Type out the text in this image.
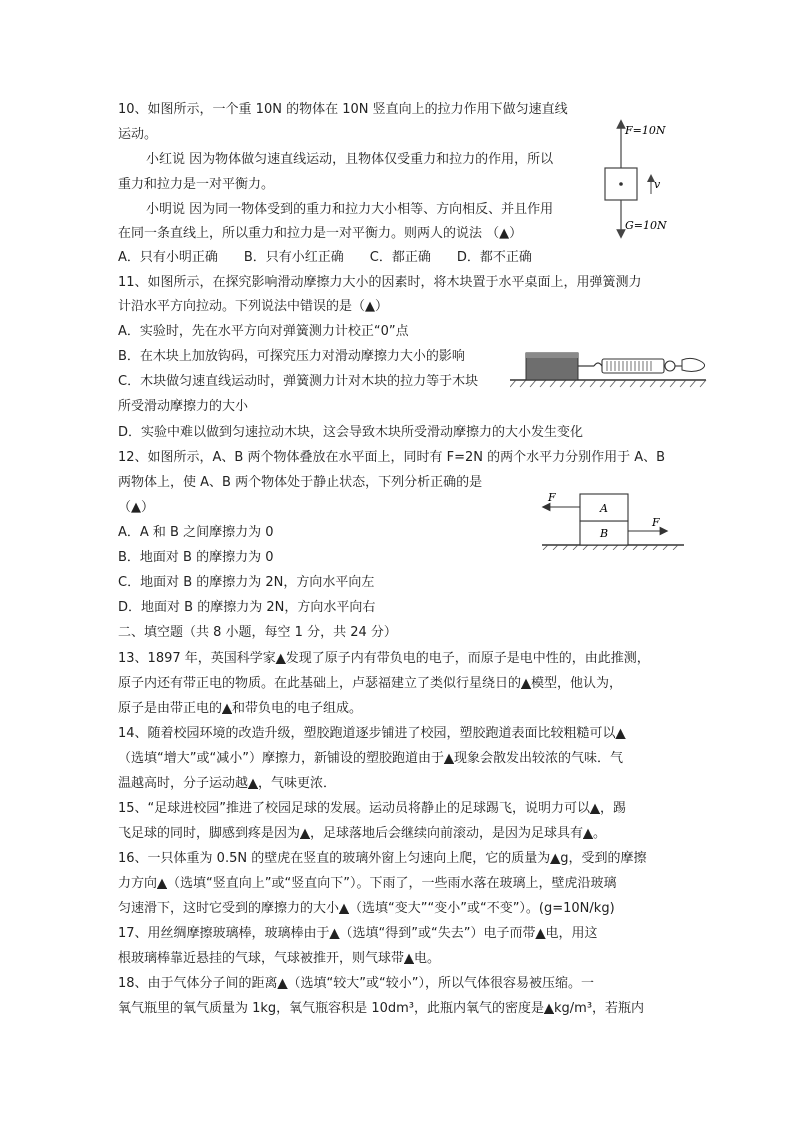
10、如图所示，一个重 10N 的物体在 10N 竖直向上的拉力作用下做匀速直线
运动。
小红说 因为物体做匀速直线运动，且物体仅受重力和拉力的作用，所以
重力和拉力是一对平衡力。
小明说 因为同一物体受到的重力和拉力大小相等、方向相反、并且作用
在同一条直线上，所以重力和拉力是一对平衡力。则两人的说法 （▲）
A．只有小明正确　　B．只有小红正确　　C．都正确　　D．都不正确
F=10N
v
G=10N
11、如图所示，在探究影响滑动摩擦力大小的因素时，将木块置于水平桌面上，用弹簧测力
计沿水平方向拉动。下列说法中错误的是（▲）
A．实验时，先在水平方向对弹簧测力计校正“0”点
B．在木块上加放钩码，可探究压力对滑动摩擦力大小的影响
C．木块做匀速直线运动时，弹簧测力计对木块的拉力等于木块
所受滑动摩擦力的大小
D．实验中难以做到匀速拉动木块，这会导致木块所受滑动摩擦力的大小发生变化
12、如图所示，A、B 两个物体叠放在水平面上，同时有 F=2N 的两个水平力分别作用于 A、B
两物体上，使 A、B 两个物体处于静止状态，下列分析正确的是
（▲）
A．A 和 B 之间摩擦力为 0
B．地面对 B 的摩擦力为 0
C．地面对 B 的摩擦力为 2N，方向水平向左
D．地面对 B 的摩擦力为 2N，方向水平向右
F
F
A
B
二、填空题（共 8 小题，每空 1 分，共 24 分）
13、1897 年，英国科学家▲发现了原子内有带负电的电子，而原子是电中性的，由此推测，
原子内还有带正电的物质。在此基础上，卢瑟福建立了类似行星绕日的▲模型，他认为，
原子是由带正电的▲和带负电的电子组成。
14、随着校园环境的改造升级，塑胶跑道逐步铺进了校园，塑胶跑道表面比较粗糙可以▲
（选填“增大”或“减小”）摩擦力，新铺设的塑胶跑道由于▲现象会散发出较浓的气味．气
温越高时，分子运动越▲，气味更浓．
15、“足球进校园”推进了校园足球的发展。运动员将静止的足球踢飞，说明力可以▲，踢
飞足球的同时，脚感到疼是因为▲，足球落地后会继续向前滚动，是因为足球具有▲。
16、一只体重为 0.5N 的壁虎在竖直的玻璃外窗上匀速向上爬，它的质量为▲g，受到的摩擦
力方向▲（选填“竖直向上”或“竖直向下”）。下雨了，一些雨水落在玻璃上，壁虎沿玻璃
匀速滑下，这时它受到的摩擦力的大小▲（选填“变大”“变小”或“不变”）。(g=10N/kg)
17、用丝绸摩擦玻璃棒，玻璃棒由于▲（选填“得到”或“失去”）电子而带▲电，用这
根玻璃棒靠近悬挂的气球，气球被推开，则气球带▲电。
18、由于气体分子间的距离▲（选填“较大”或“较小”），所以气体很容易被压缩。一
氧气瓶里的氧气质量为 1kg，氧气瓶容积是 10dm³，此瓶内氧气的密度是▲kg/m³，若瓶内
